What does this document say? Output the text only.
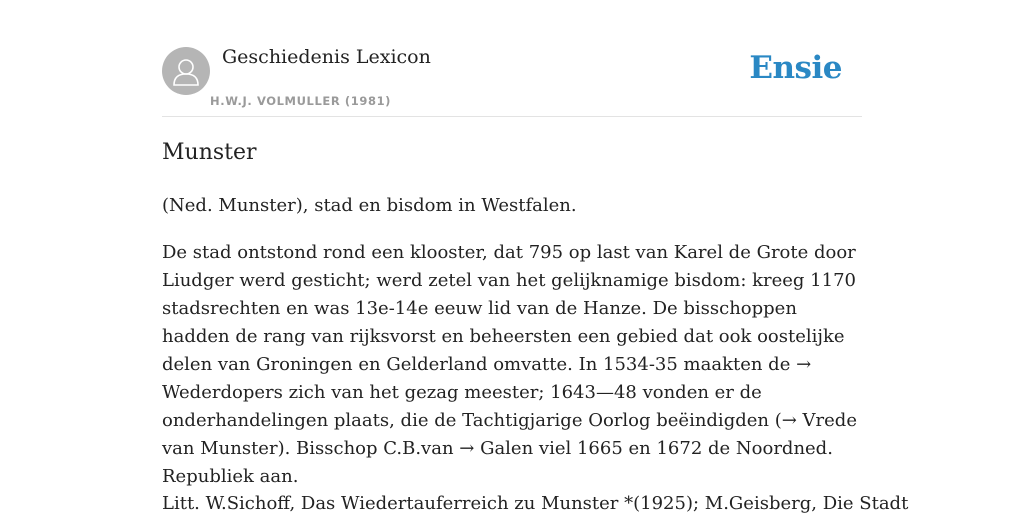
Geschiedenis Lexicon
H.W.J. VOLMULLER (1981)
Ensie
Munster

(Ned. Munster), stad en bisdom in Westfalen.

De stad ontstond rond een klooster, dat 795 op last van Karel de Grote door Liudger werd gesticht; werd zetel van het gelijknamige bisdom: kreeg 1170 stadsrechten en was 13e-14e eeuw lid van de Hanze. De bisschoppen hadden de rang van rijksvorst en beheersten een gebied dat ook oostelijke delen van Groningen en Gelderland omvatte. In 1534-35 maakten de → Wederdopers zich van het gezag meester; 1643—48 vonden er de onderhandelingen plaats, die de Tachtigjarige Oorlog beëindigden (→ Vrede van Munster). Bisschop C.B.van → Galen viel 1665 en 1672 de Noordned. Republiek aan.

Litt. W.Sichoff, Das Wiedertauferreich zu Munster *(1925); M.Geisberg, Die Stadt
